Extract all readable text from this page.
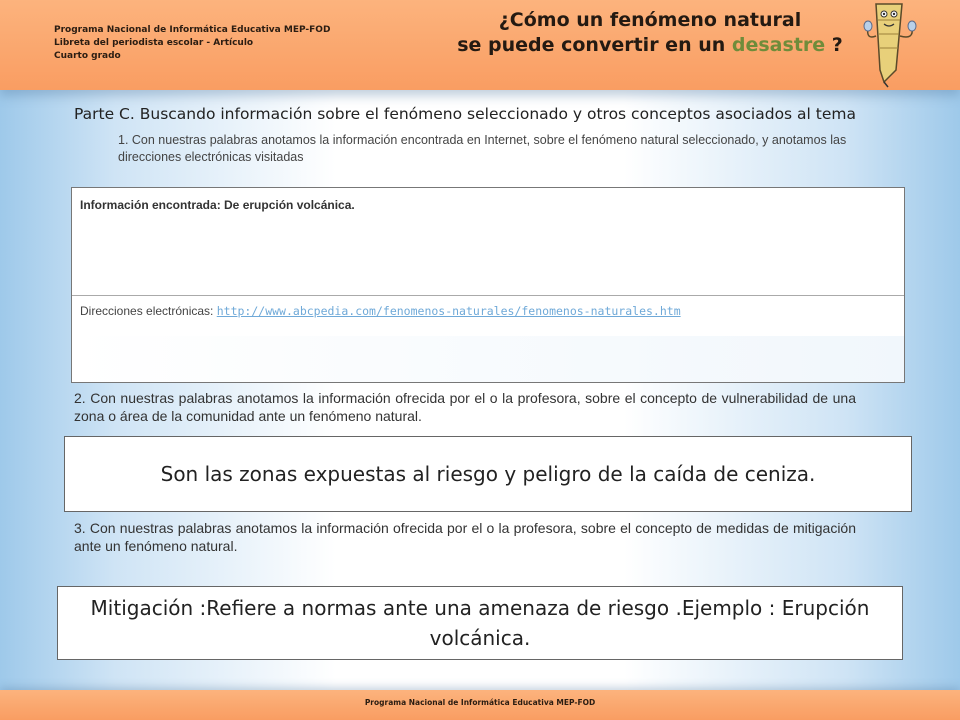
Programa Nacional de Informática Educativa MEP-FOD
Libreta del periodista escolar - Artículo
Cuarto grado
¿Cómo un fenómeno natural
se puede convertir en un desastre ?
Parte C. Buscando información sobre el fenómeno seleccionado y otros conceptos asociados al tema
1. Con nuestras palabras anotamos la información encontrada en Internet, sobre el fenómeno natural seleccionado, y anotamos las direcciones electrónicas visitadas
Información encontrada: De erupción volcánica.
Direcciones electrónicas: http://www.abcpedia.com/fenomenos-naturales/fenomenos-naturales.htm
2. Con nuestras palabras anotamos la información ofrecida por el o la profesora, sobre el concepto de vulnerabilidad de una zona o área de la comunidad ante un fenómeno natural.
Son las zonas expuestas al riesgo y peligro de la caída de ceniza.
3. Con nuestras palabras anotamos la información ofrecida por el o la profesora, sobre el concepto de medidas de mitigación ante un fenómeno natural.
Mitigación :Refiere a normas ante una amenaza de riesgo .Ejemplo : Erupción volcánica.
Programa Nacional de Informática Educativa MEP-FOD
